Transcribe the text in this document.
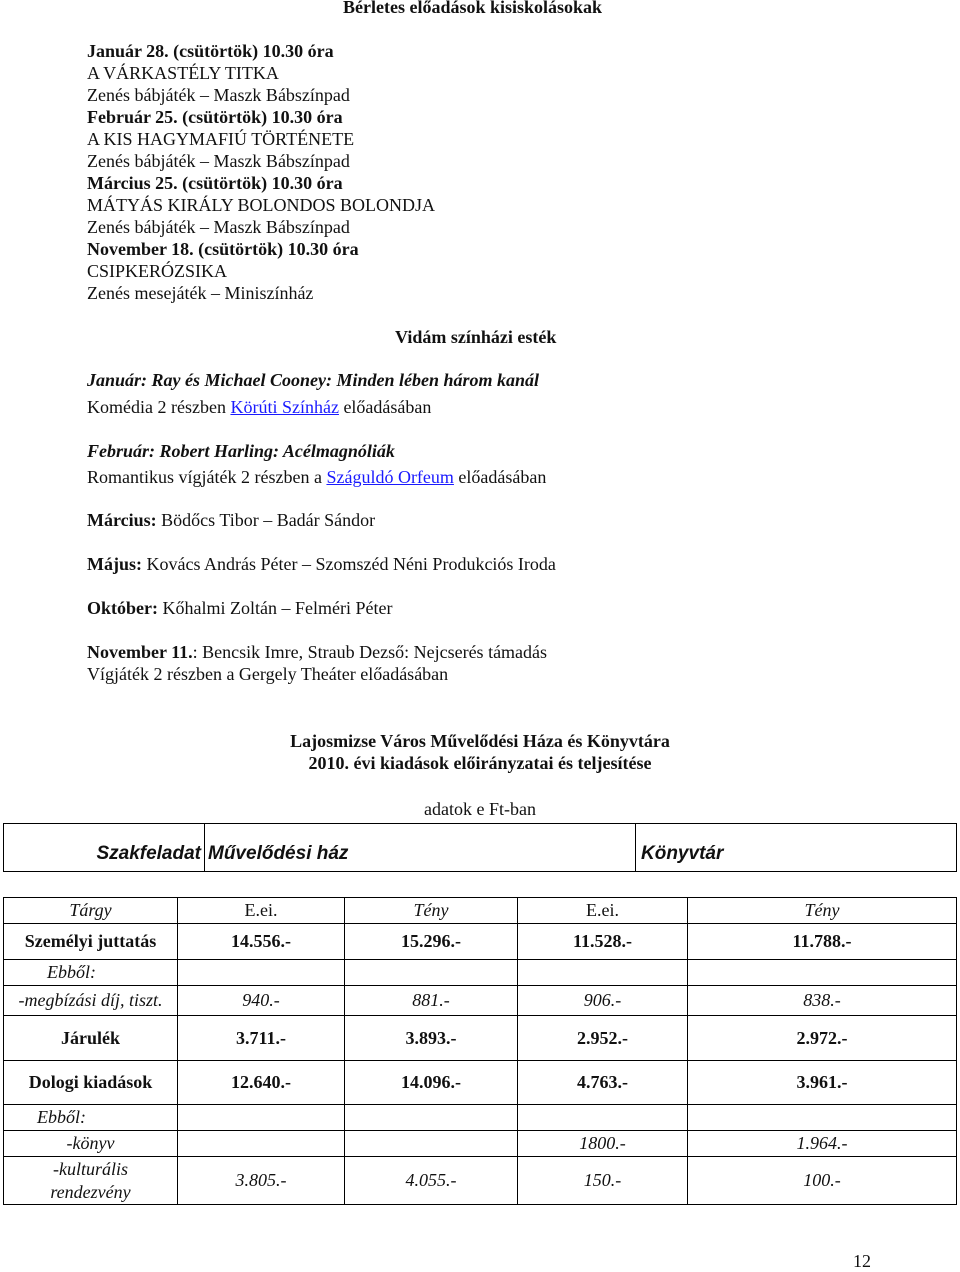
Bérletes előadások kisiskolásokak
Január 28. (csütörtök) 10.30 óra
A VÁRKASTÉLY TITKA
Zenés bábjáték – Maszk Bábszínpad
Február 25. (csütörtök) 10.30 óra
A KIS HAGYMAFIÚ TÖRTÉNETE
Zenés bábjáték – Maszk Bábszínpad
Március 25. (csütörtök) 10.30 óra
MÁTYÁS KIRÁLY BOLONDOS BOLONDJA
Zenés bábjáték – Maszk Bábszínpad
November 18. (csütörtök) 10.30 óra
CSIPKERÓZSIKA
Zenés mesejáték – Miniszínház
Vidám színházi esték
Január: Ray és Michael Cooney: Minden lében három kanál
Komédia 2 részben Körúti Színház előadásában
Február: Robert Harling: Acélmagnóliák
Romantikus vígjáték 2 részben a Száguldó Orfeum előadásában
Március: Bödőcs Tibor – Badár Sándor
Május: Kovács András Péter – Szomszéd Néni Produkciós Iroda
Október: Kőhalmi Zoltán – Felméri Péter
November 11.: Bencsik Imre, Straub Dezső: Nejcserés támadás
Vígjáték 2 részben a Gergely Theáter előadásában
Lajosmizse Város Művelődési Háza és Könyvtára
2010. évi kiadások előirányzatai és teljesítése
adatok e Ft-ban
Szakfeladat	Művelődési ház	Könyvtár
Tárgy	E.ei.	Tény	E.ei.	Tény
Személyi juttatás	14.556.-	15.296.-	11.528.-	11.788.-
Ebből:				
-megbízási díj, tiszt.	940.-	881.-	906.-	838.-
Járulék	3.711.-	3.893.-	2.952.-	2.972.-
Dologi kiadások	12.640.-	14.096.-	4.763.-	3.961.-
Ebből:				
-könyv			1800.-	1.964.-

-kulturális
rendezvény	3.805.-	4.055.-	150.-	100.-
12
